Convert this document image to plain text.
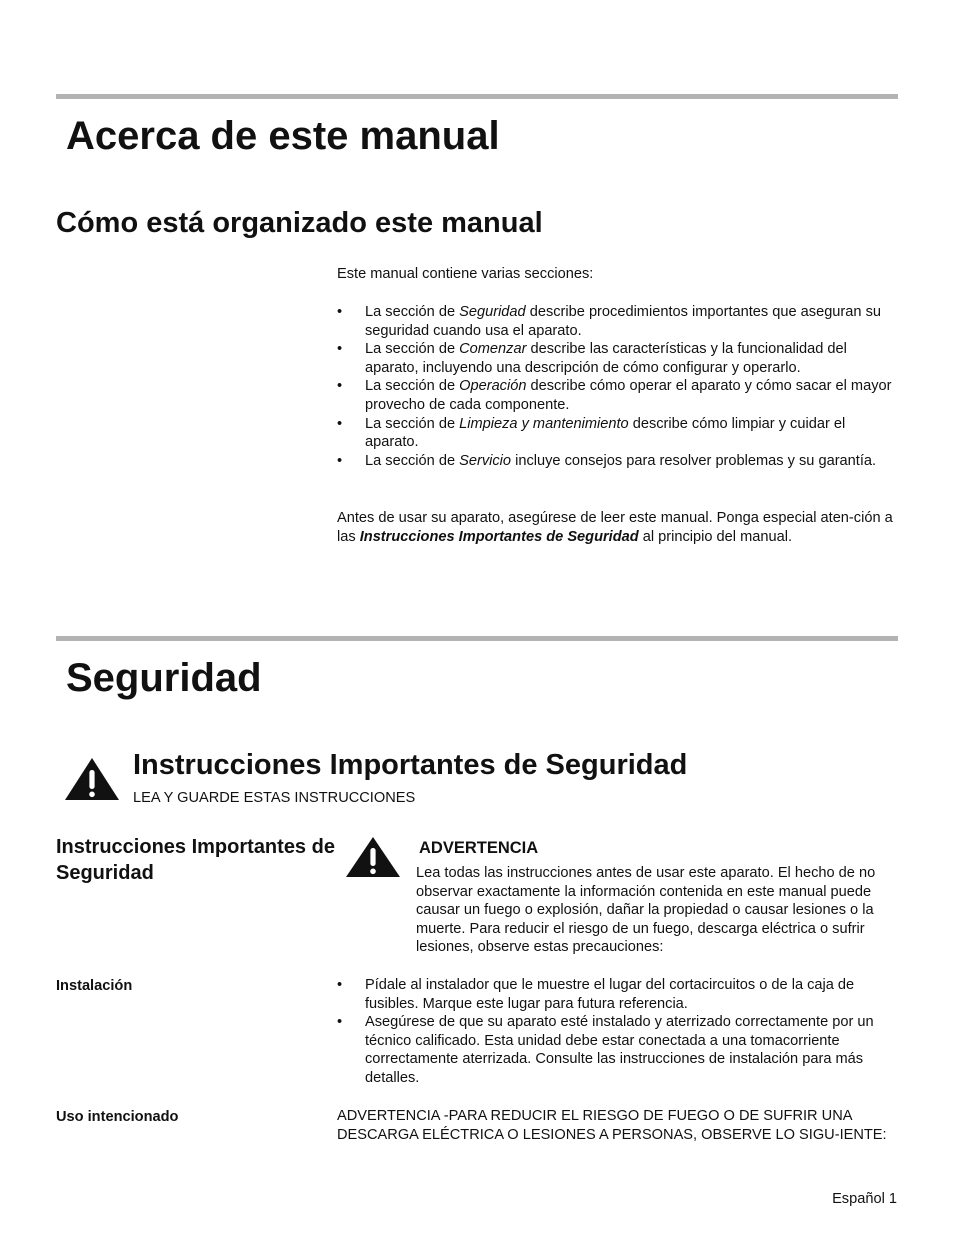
Acerca de este manual
Cómo está organizado este manual

Este manual contiene varias secciones:

• La sección de Seguridad describe procedimientos importantes que aseguran su seguridad cuando usa el aparato.
• La sección de Comenzar describe las características y la funcionalidad del aparato, incluyendo una descripción de cómo configurar y operarlo.
• La sección de Operación describe cómo operar el aparato y cómo sacar el mayor provecho de cada componente.
• La sección de Limpieza y mantenimiento describe cómo limpiar y cuidar el aparato.
• La sección de Servicio incluye consejos para resolver problemas y su garantía.

Antes de usar su aparato, asegúrese de leer este manual. Ponga especial aten-ción a las Instrucciones Importantes de Seguridad al principio del manual.

Seguridad
Instrucciones Importantes de Seguridad

LEA Y GUARDE ESTAS INSTRUCCIONES

Instrucciones Importantes de Seguridad
ADVERTENCIA

Lea todas las instrucciones antes de usar este aparato. El hecho de no observar exactamente la información contenida en este manual puede causar un fuego o explosión, dañar la propiedad o causar lesiones o la muerte. Para reducir el riesgo de un fuego, descarga eléctrica o sufrir lesiones, observe estas precauciones:

Instalación

•	Pídale al instalador que le muestre el lugar del cortacircuitos o de la caja de fusibles. Marque este lugar para futura referencia.
• Asegúrese de que su aparato esté instalado y aterrizado correctamente por un técnico calificado. Esta unidad debe estar conectada a una tomacorriente correctamente aterrizada. Consulte las instrucciones de instalación para más detalles.

Uso intencionado	ADVERTENCIA -PARA REDUCIR EL RIESGO DE FUEGO O DE SUFRIR UNA DESCARGA ELÉCTRICA O LESIONES A PERSONAS, OBSERVE LO SIGU-IENTE:

Español 1
